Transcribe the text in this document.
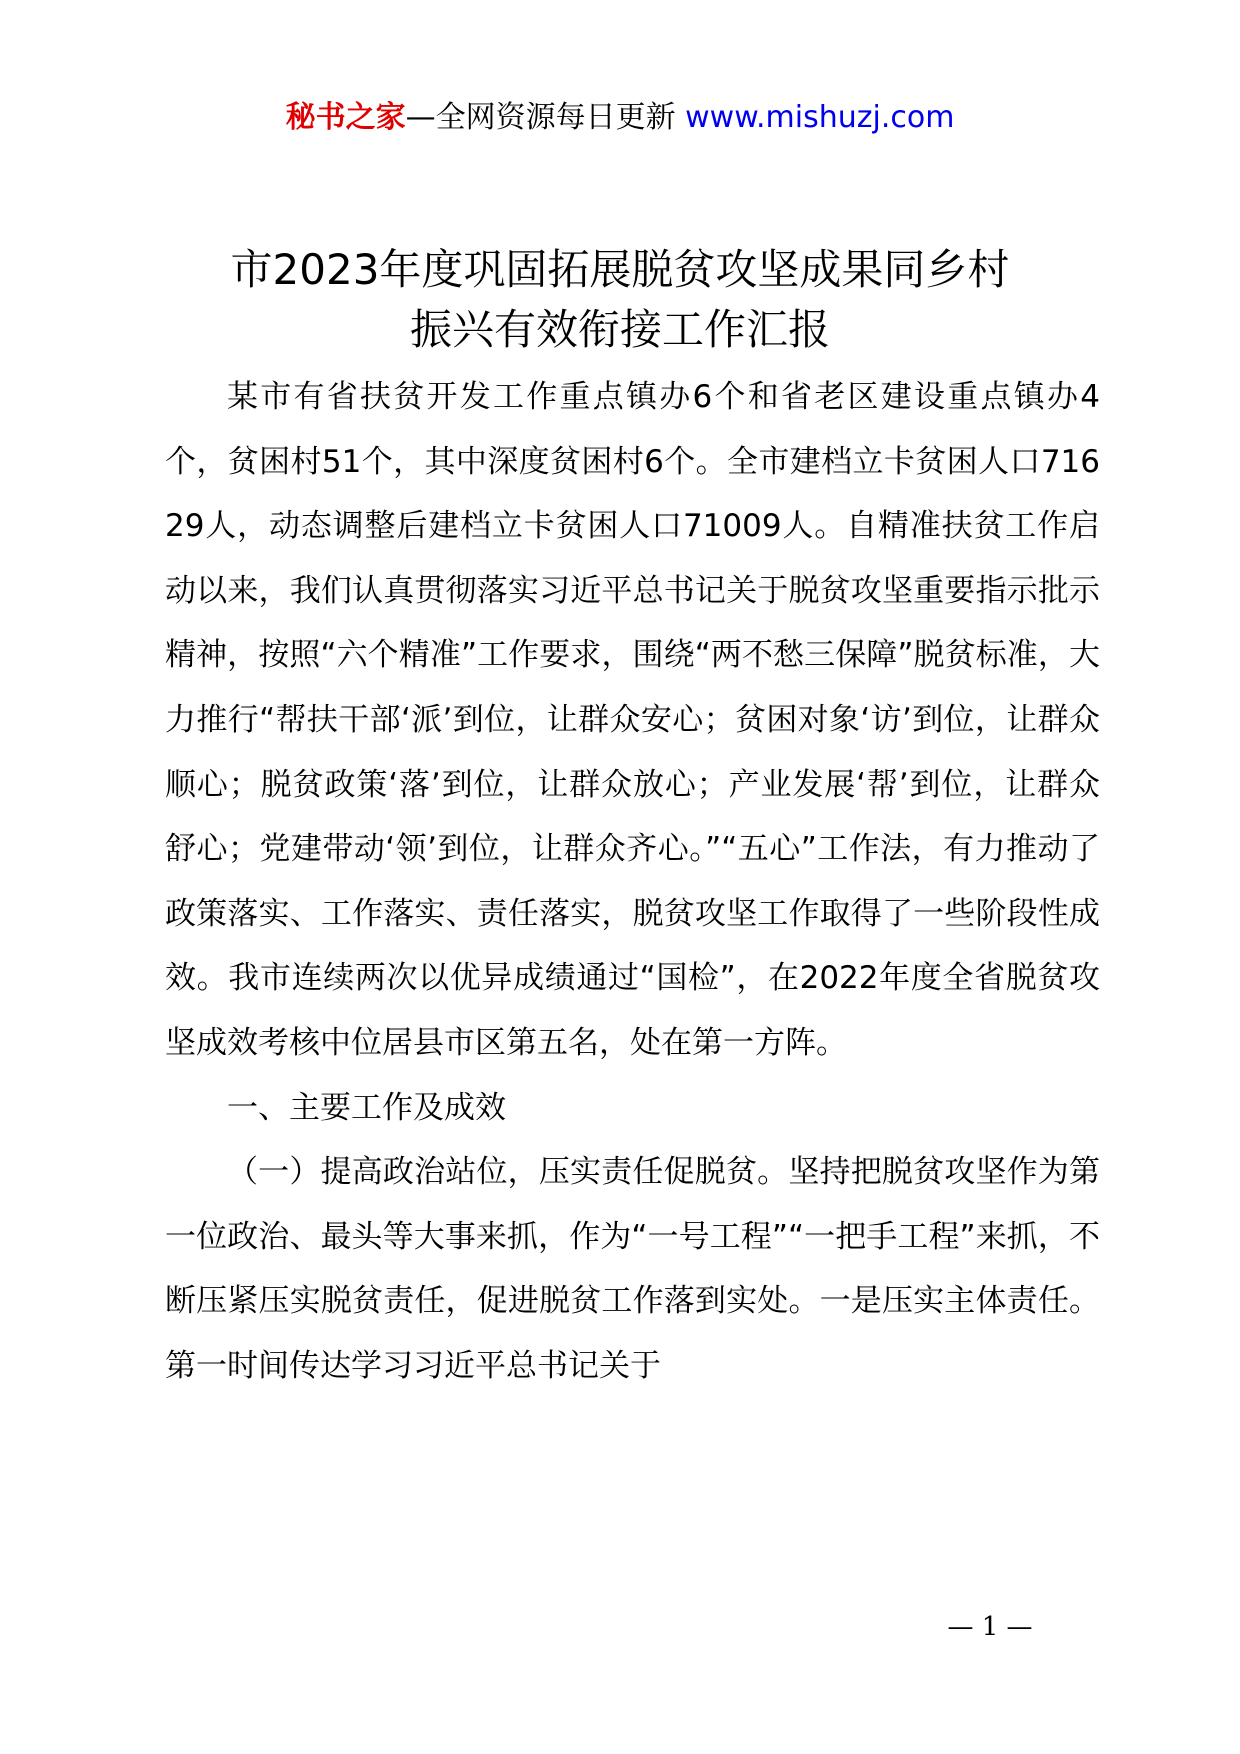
秘书之家—全网资源每日更新 www.mishuzj.com
市2023年度巩固拓展脱贫攻坚成果同乡村
振兴有效衔接工作汇报

某市有省扶贫开发工作重点镇办6个和省老区建设重点镇办4个，贫困村51个，其中深度贫困村6个。全市建档立卡贫困人口71629人，动态调整后建档立卡贫困人口71009人。自精准扶贫工作启动以来，我们认真贯彻落实习近平总书记关于脱贫攻坚重要指示批示精神，按照“六个精准”工作要求，围绕“两不愁三保障”脱贫标准，大力推行“帮扶干部‘派’到位，让群众安心；贫困对象‘访’到位，让群众顺心；脱贫政策‘落’到位，让群众放心；产业发展‘帮’到位，让群众舒心；党建带动‘领’到位，让群众齐心。”“五心”工作法，有力推动了政策落实、工作落实、责任落实，脱贫攻坚工作取得了一些阶段性成效。我市连续两次以优异成绩通过“国检”，在2022年度全省脱贫攻坚成效考核中位居县市区第五名，处在第一方阵。

一、主要工作及成效

（一）提高政治站位，压实责任促脱贫。坚持把脱贫攻坚作为第一位政治、最头等大事来抓，作为“一号工程”“一把手工程”来抓，不断压紧压实脱贫责任，促进脱贫工作落到实处。一是压实主体责任。第一时间传达学习习近平总书记关于

— 1 —
